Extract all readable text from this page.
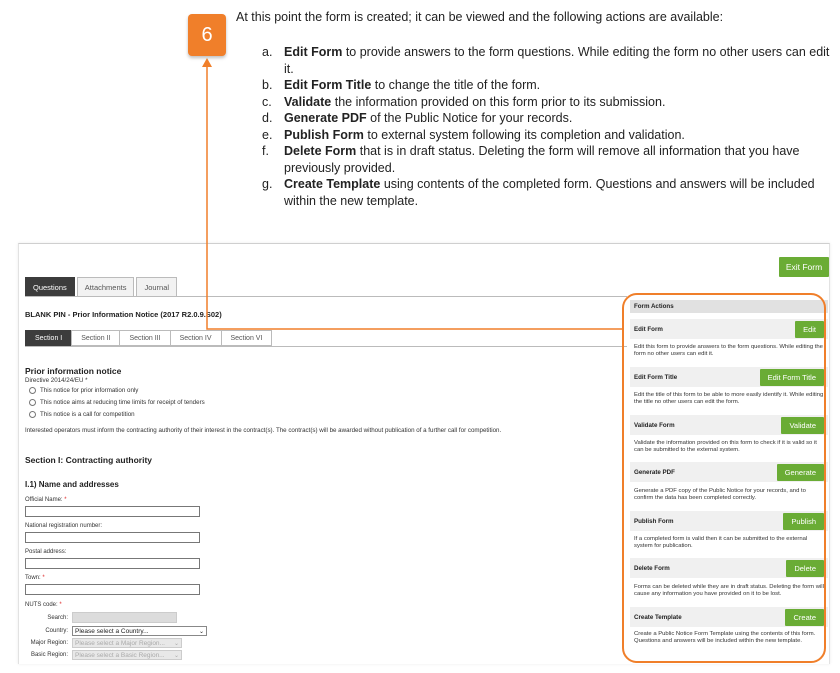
6
At this point the form is created; it can be viewed and the following actions are available:
a. Edit Form to provide answers to the form questions. While editing the form no other users can edit it.
b. Edit Form Title to change the title of the form.
c. Validate the information provided on this form prior to its submission.
d. Generate PDF of the Public Notice for your records.
e. Publish Form to external system following its completion and validation.
f.	Delete Form that is in draft status. Deleting the form will remove all information that you have previously provided.
g. Create Template using contents of the completed form. Questions and answers will be included within the new template.
Exit Form
Questions	Attachments	Journal
BLANK PIN - Prior Information Notice (2017 R2.0.9.S02)
Section I	Section II	Section III	Section IV	Section VI
Prior information notice
Directive 2014/24/EU *
This notice for prior information only
This notice aims at reducing time limits for receipt of tenders
This notice is a call for competition
Interested operators must inform the contracting authority of their interest in the contract(s). The contract(s) will be awarded without publication of a further call for competition.
Section I: Contracting authority
I.1) Name and addresses
Official Name: *
National registration number:
Postal address:
Town: *
NUTS code: *
Search:
Country: Please select a Country...	⌄
Major Region: Please select a Major Region... ⌄
Basic Region: Please select a Basic Region... ⌄
Form Actions
Edit Form	Edit
Edit this form to provide answers to the form questions. While editing the form no other users can edit it.
Edit Form Title	Edit Form Title
Edit the title of this form to be able to more easily identify it. While editing the title no other users can edit the form.
Validate Form	Validate
Validate the information provided on this form to check if it is valid so it can be submitted to the external system.
Generate PDF	Generate
Generate a PDF copy of the Public Notice for your records, and to confirm the data has been completed correctly.
Publish Form	Publish
If a completed form is valid then it can be submitted to the external system for publication.
Delete Form	Delete
Forms can be deleted while they are in draft status. Deleting the form will cause any information you have provided on it to be lost.
Create Template	Create
Create a Public Notice Form Template using the contents of this form. Questions and answers will be included within the new template.
